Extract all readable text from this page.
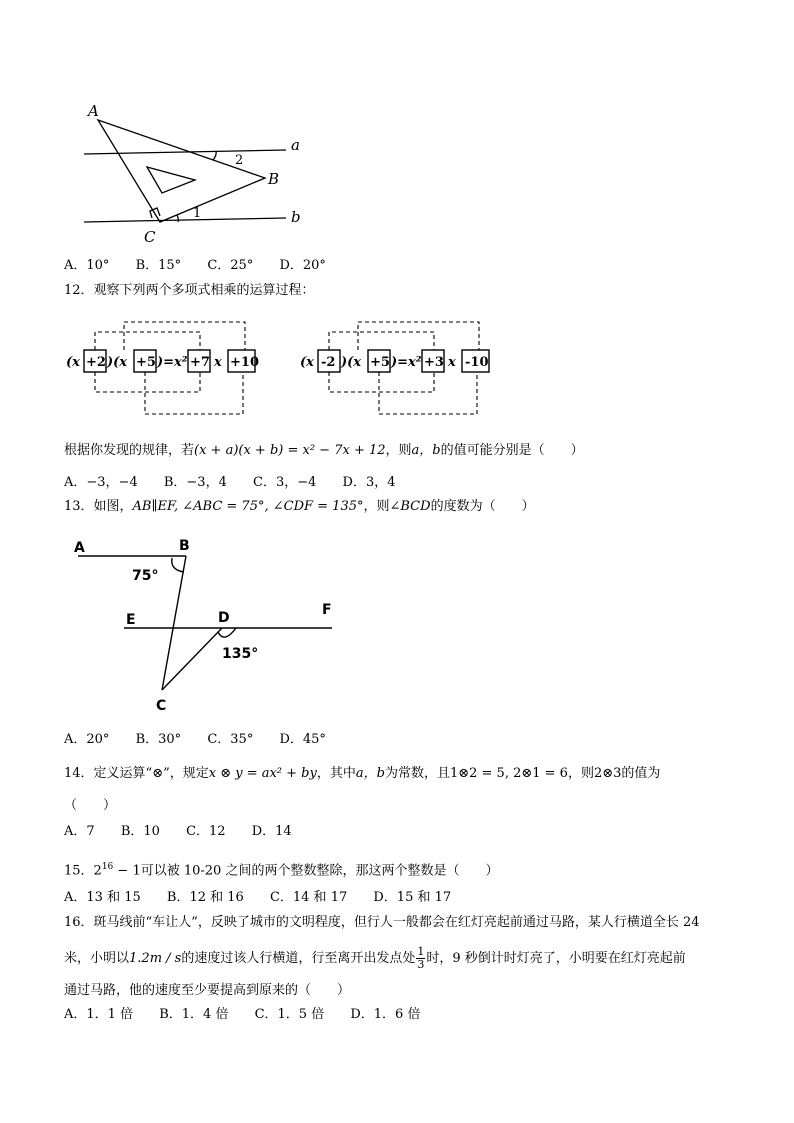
A
B
C
a
b
1
2
A．10° B．15° C．25° D．20°
12．观察下列两个多项式相乘的运算过程：
(x +2 )(x +5 )=x² +7 x +10	(x -2 )(x +5 )=x² +3 x -10
根据你发现的规律，若(x + a)(x + b) = x² − 7x + 12，则a，b的值可能分别是（　　）
A．−3，−4 B．−3，4 C．3，−4 D．3，4
13．如图，AB∥EF, ∠ABC = 75°, ∠CDF = 135°，则∠BCD的度数为（　　）
A	B
E	D	F
C
75°
135°
A．20° B．30° C．35° D．45°
14．定义运算“⊗”，规定x ⊗ y = ax² + by，其中a，b为常数，且1⊗2 = 5, 2⊗1 = 6，则2⊗3的值为
（　　）
A．7 B．10 C．12 D．14
15．$2^{16} - 1$可以被 10-20 之间的两个整数整除，那这两个整数是（　　）
A．13 和 15 B．12 和 16 C．14 和 17 D．15 和 17
16．斑马线前“车让人”，反映了城市的文明程度，但行人一般都会在红灯亮起前通过马路，某人行横道全长 24
米，小明以1.2m / s的速度过该人行横道，行至离开出发点处 $\frac{1}{3}$ 时，9 秒倒计时灯亮了，小明要在红灯亮起前
通过马路，他的速度至少要提高到原来的（　　）
A．1．1 倍 B．1．4 倍 C．1．5 倍 D．1．6 倍
